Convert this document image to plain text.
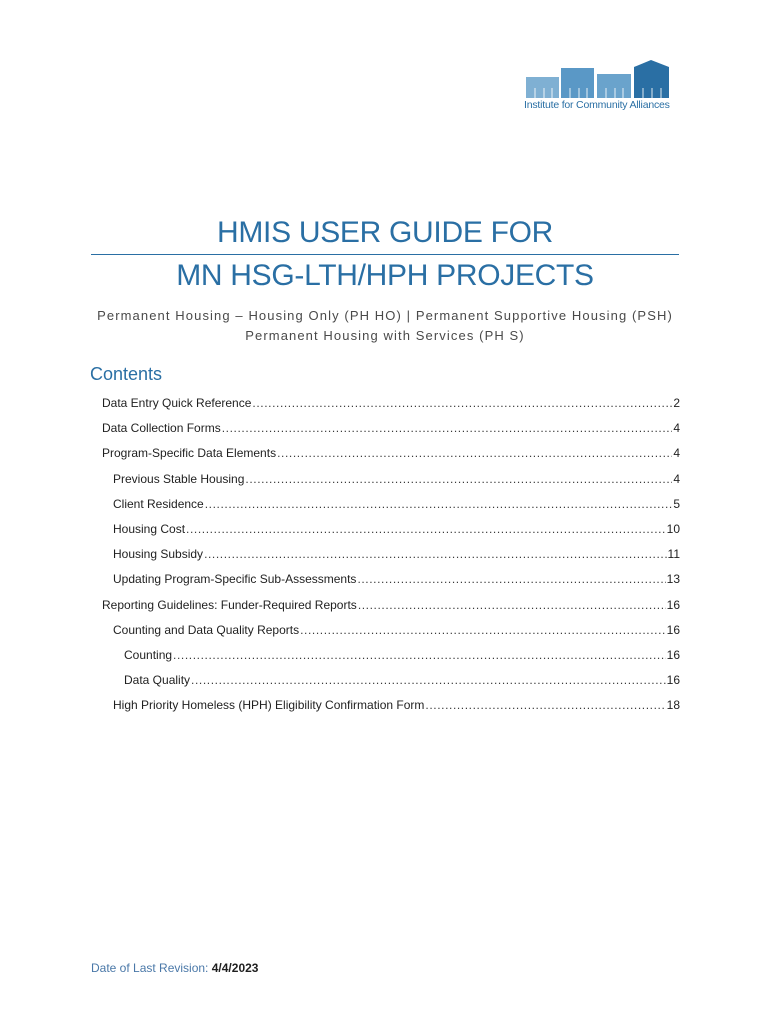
Institute for Community Alliances
HMIS USER GUIDE FOR
MN HSG-LTH/HPH PROJECTS
Permanent Housing – Housing Only (PH HO) | Permanent Supportive Housing (PSH)
Permanent Housing with Services (PH S)
Contents
Data Entry Quick Reference .....	2
Data Collection Forms .....	4
Program-Specific Data Elements .....	4
Previous Stable Housing .....	4
Client Residence .....	5
Housing Cost .....	10
Housing Subsidy .....	11
Updating Program-Specific Sub-Assessments .....	13
Reporting Guidelines: Funder-Required Reports .....	16
Counting and Data Quality Reports .....	16
Counting .....	16
Data Quality .....	16
High Priority Homeless (HPH) Eligibility Confirmation Form .....	18
Date of Last Revision: 4/4/2023
